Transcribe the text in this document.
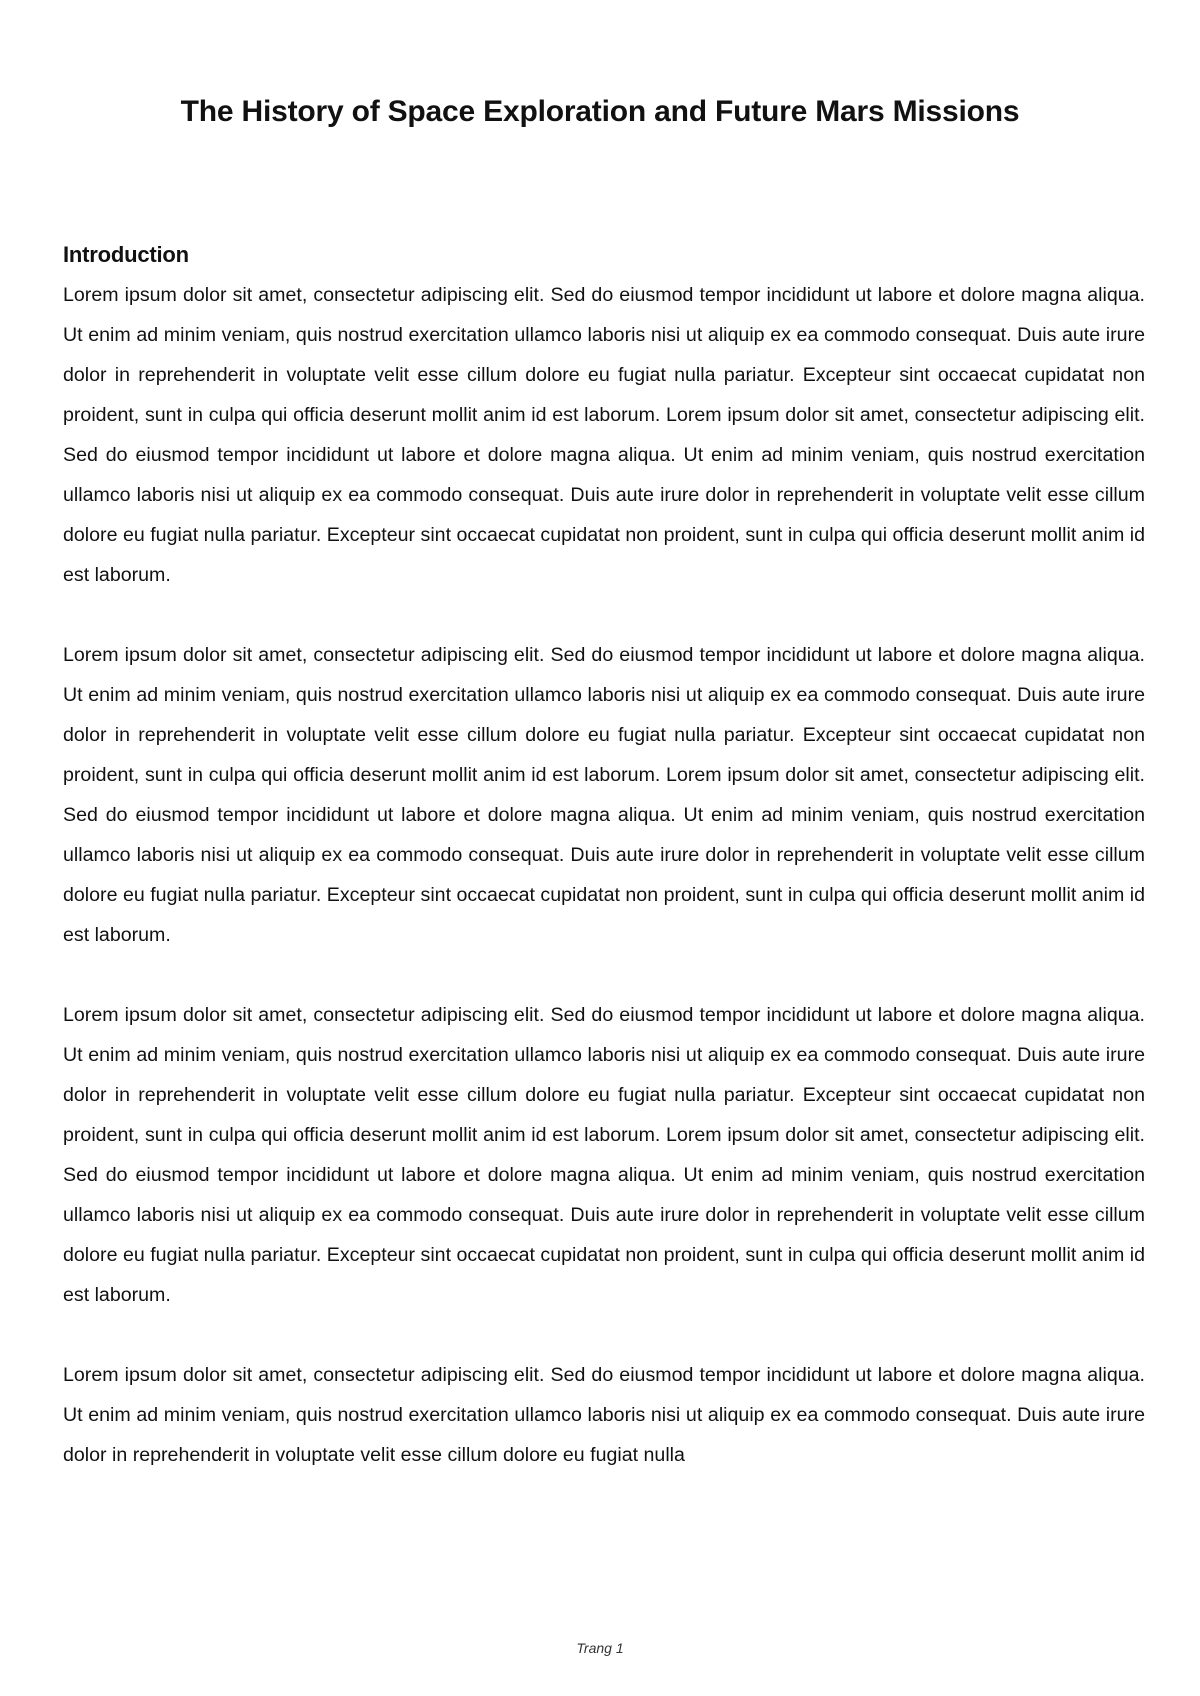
The History of Space Exploration and Future Mars Missions
Introduction

Lorem ipsum dolor sit amet, consectetur adipiscing elit. Sed do eiusmod tempor incididunt ut labore et dolore magna aliqua. Ut enim ad minim veniam, quis nostrud exercitation ullamco laboris nisi ut aliquip ex ea commodo consequat. Duis aute irure dolor in reprehenderit in voluptate velit esse cillum dolore eu fugiat nulla pariatur. Excepteur sint occaecat cupidatat non proident, sunt in culpa qui officia deserunt mollit anim id est laborum. Lorem ipsum dolor sit amet, consectetur adipiscing elit. Sed do eiusmod tempor incididunt ut labore et dolore magna aliqua. Ut enim ad minim veniam, quis nostrud exercitation ullamco laboris nisi ut aliquip ex ea commodo consequat. Duis aute irure dolor in reprehenderit in voluptate velit esse cillum dolore eu fugiat nulla pariatur. Excepteur sint occaecat cupidatat non proident, sunt in culpa qui officia deserunt mollit anim id est laborum.

Lorem ipsum dolor sit amet, consectetur adipiscing elit. Sed do eiusmod tempor incididunt ut labore et dolore magna aliqua. Ut enim ad minim veniam, quis nostrud exercitation ullamco laboris nisi ut aliquip ex ea commodo consequat. Duis aute irure dolor in reprehenderit in voluptate velit esse cillum dolore eu fugiat nulla pariatur. Excepteur sint occaecat cupidatat non proident, sunt in culpa qui officia deserunt mollit anim id est laborum. Lorem ipsum dolor sit amet, consectetur adipiscing elit. Sed do eiusmod tempor incididunt ut labore et dolore magna aliqua. Ut enim ad minim veniam, quis nostrud exercitation ullamco laboris nisi ut aliquip ex ea commodo consequat. Duis aute irure dolor in reprehenderit in voluptate velit esse cillum dolore eu fugiat nulla pariatur. Excepteur sint occaecat cupidatat non proident, sunt in culpa qui officia deserunt mollit anim id est laborum.

Lorem ipsum dolor sit amet, consectetur adipiscing elit. Sed do eiusmod tempor incididunt ut labore et dolore magna aliqua. Ut enim ad minim veniam, quis nostrud exercitation ullamco laboris nisi ut aliquip ex ea commodo consequat. Duis aute irure dolor in reprehenderit in voluptate velit esse cillum dolore eu fugiat nulla pariatur. Excepteur sint occaecat cupidatat non proident, sunt in culpa qui officia deserunt mollit anim id est laborum. Lorem ipsum dolor sit amet, consectetur adipiscing elit. Sed do eiusmod tempor incididunt ut labore et dolore magna aliqua. Ut enim ad minim veniam, quis nostrud exercitation ullamco laboris nisi ut aliquip ex ea commodo consequat. Duis aute irure dolor in reprehenderit in voluptate velit esse cillum dolore eu fugiat nulla pariatur. Excepteur sint occaecat cupidatat non proident, sunt in culpa qui officia deserunt mollit anim id est laborum.

Lorem ipsum dolor sit amet, consectetur adipiscing elit. Sed do eiusmod tempor incididunt ut labore et dolore magna aliqua. Ut enim ad minim veniam, quis nostrud exercitation ullamco laboris nisi ut aliquip ex ea commodo consequat. Duis aute irure dolor in reprehenderit in voluptate velit esse cillum dolore eu fugiat nulla

Trang 1
